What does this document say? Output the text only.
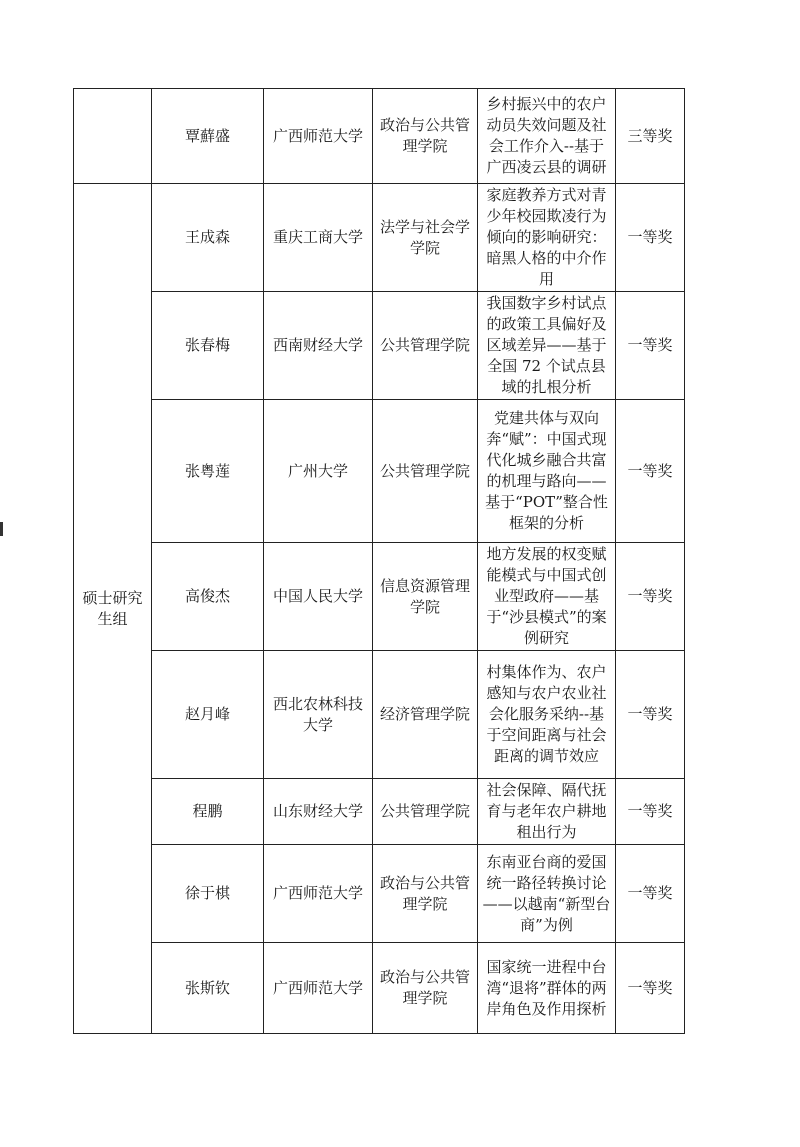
	覃蘚盛	广西师范大学	政治与公共管理学院	乡村振兴中的农户动员失效问题及社会工作介入--基于广西凌云县的调研	三等奖
硕士研究生组	王成森	重庆工商大学	法学与社会学学院	家庭教养方式对青少年校园欺凌行为倾向的影响研究：暗黑人格的中介作用	一等奖
	张春梅	西南财经大学	公共管理学院	我国数字乡村试点的政策工具偏好及区域差异——基于全国 72 个试点县域的扎根分析	一等奖
	张粤莲	广州大学	公共管理学院	党建共体与双向奔“赋”：中国式现代化城乡融合共富的机理与路向——基于“POT”整合性框架的分析	一等奖
	高俊杰	中国人民大学	信息资源管理学院	地方发展的权变赋能模式与中国式创业型政府——基于“沙县模式”的案例研究	一等奖
	赵月峰	西北农林科技大学	经济管理学院	村集体作为、农户感知与农户农业社会化服务采纳--基于空间距离与社会距离的调节效应	一等奖
	程鹏	山东财经大学	公共管理学院	社会保障、隔代抚育与老年农户耕地租出行为	一等奖
	徐于棋	广西师范大学	政治与公共管理学院	东南亚台商的爱国统一路径转换讨论——以越南“新型台商”为例	一等奖
	张斯钦	广西师范大学	政治与公共管理学院	国家统一进程中台湾“退将”群体的两岸角色及作用探析	一等奖
